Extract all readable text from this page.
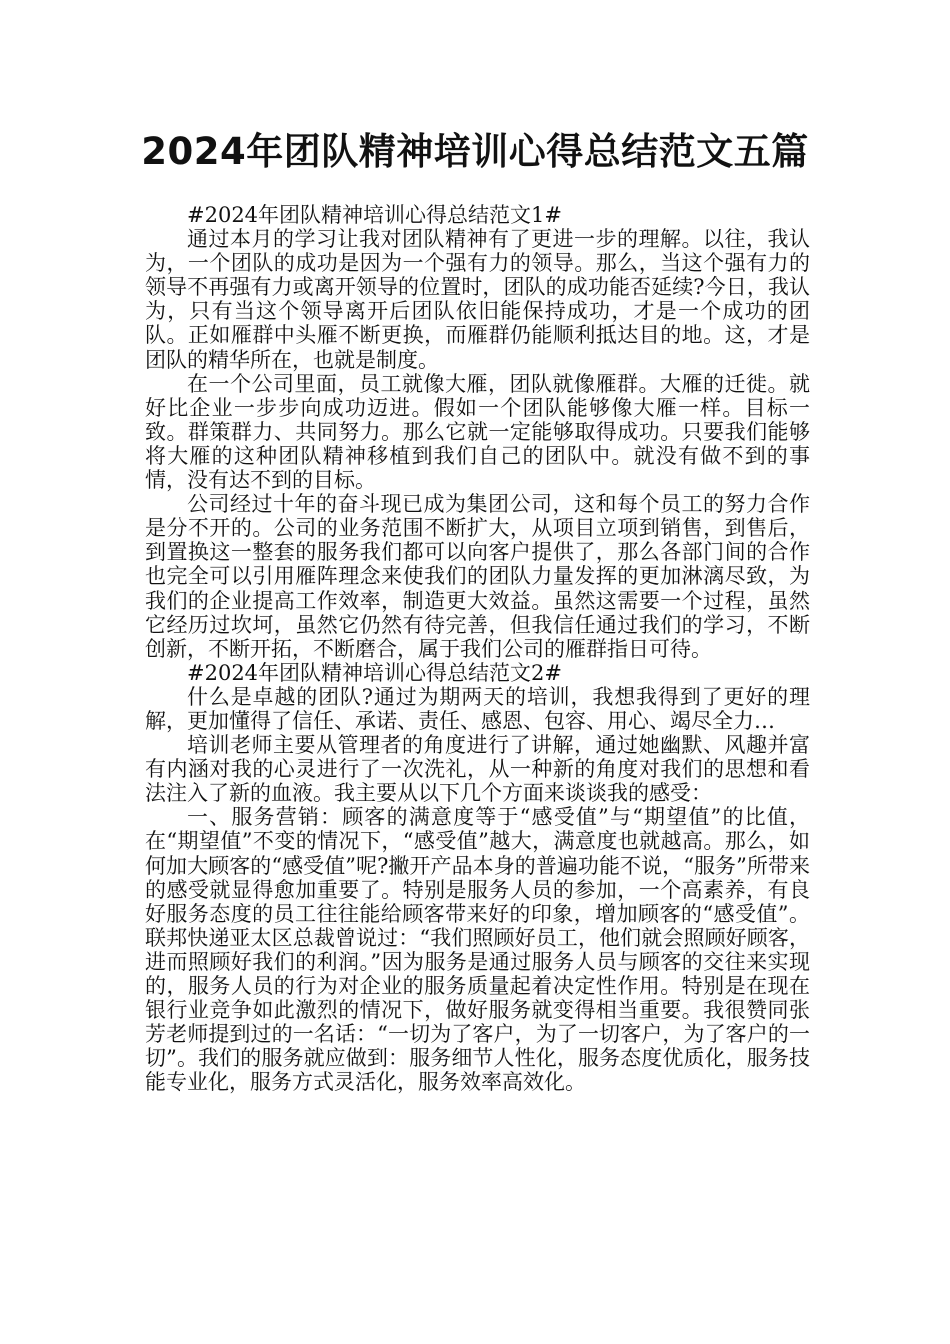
2024年团队精神培训心得总结范文五篇

#2024年团队精神培训心得总结范文1#

通过本月的学习让我对团队精神有了更进一步的理解。以往，我认为，一个团队的成功是因为一个强有力的领导。那么，当这个强有力的领导不再强有力或离开领导的位置时，团队的成功能否延续?今日，我认为，只有当这个领导离开后团队依旧能保持成功，才是一个成功的团队。正如雁群中头雁不断更换，而雁群仍能顺利抵达目的地。这，才是团队的精华所在，也就是制度。

在一个公司里面，员工就像大雁，团队就像雁群。大雁的迁徙。就好比企业一步步向成功迈进。假如一个团队能够像大雁一样。目标一致。群策群力、共同努力。那么它就一定能够取得成功。只要我们能够将大雁的这种团队精神移植到我们自己的团队中。就没有做不到的事情，没有达不到的目标。

公司经过十年的奋斗现已成为集团公司，这和每个员工的努力合作是分不开的。公司的业务范围不断扩大，从项目立项到销售，到售后，到置换这一整套的服务我们都可以向客户提供了，那么各部门间的合作也完全可以引用雁阵理念来使我们的团队力量发挥的更加淋漓尽致，为我们的企业提高工作效率，制造更大效益。虽然这需要一个过程，虽然它经历过坎坷，虽然它仍然有待完善，但我信任通过我们的学习，不断创新，不断开拓，不断磨合，属于我们公司的雁群指日可待。

#2024年团队精神培训心得总结范文2#

什么是卓越的团队?通过为期两天的培训，我想我得到了更好的理解，更加懂得了信任、承诺、责任、感恩、包容、用心、竭尽全力…

培训老师主要从管理者的角度进行了讲解，通过她幽默、风趣并富有内涵对我的心灵进行了一次洗礼，从一种新的角度对我们的思想和看法注入了新的血液。我主要从以下几个方面来谈谈我的感受：

一、服务营销：顾客的满意度等于“感受值”与“期望值”的比值，在“期望值”不变的情况下，“感受值”越大，满意度也就越高。那么，如何加大顾客的“感受值”呢?撇开产品本身的普遍功能不说，“服务”所带来的感受就显得愈加重要了。特别是服务人员的参加，一个高素养，有良好服务态度的员工往往能给顾客带来好的印象，增加顾客的“感受值”。联邦快递亚太区总裁曾说过：“我们照顾好员工，他们就会照顾好顾客，进而照顾好我们的利润。”因为服务是通过服务人员与顾客的交往来实现的，服务人员的行为对企业的服务质量起着决定性作用。特别是在现在银行业竞争如此激烈的情况下，做好服务就变得相当重要。我很赞同张芳老师提到过的一名话：“一切为了客户，为了一切客户，为了客户的一切”。我们的服务就应做到：服务细节人性化，服务态度优质化，服务技能专业化，服务方式灵活化，服务效率高效化。
